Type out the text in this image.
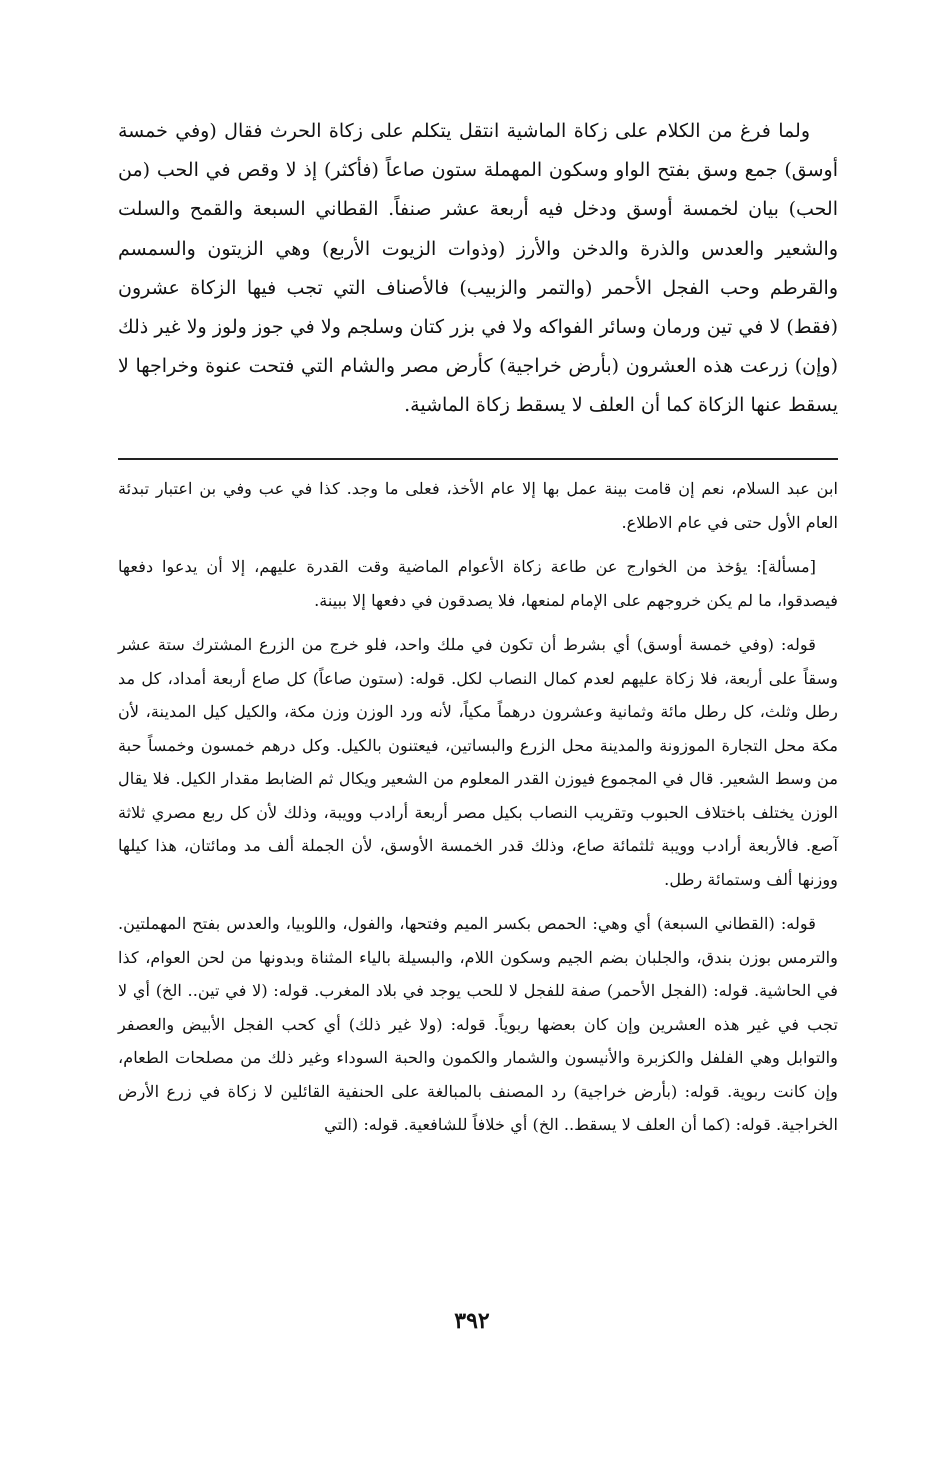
ولما فرغ من الكلام على زكاة الماشية انتقل يتكلم على زكاة الحرث فقال (وفي خمسة أوسق) جمع وسق بفتح الواو وسكون المهملة ستون صاعاً (فأكثر) إذ لا وقص في الحب (من الحب) بيان لخمسة أوسق ودخل فيه أربعة عشر صنفاً. القطاني السبعة والقمح والسلت والشعير والعدس والذرة والدخن والأرز (وذوات الزيوت الأربع) وهي الزيتون والسمسم والقرطم وحب الفجل الأحمر (والتمر والزبيب) فالأصناف التي تجب فيها الزكاة عشرون (فقط) لا في تين ورمان وسائر الفواكه ولا في بزر كتان وسلجم ولا في جوز ولوز ولا غير ذلك (وإن) زرعت هذه العشرون (بأرض خراجية) كأرض مصر والشام التي فتحت عنوة وخراجها لا يسقط عنها الزكاة كما أن العلف لا يسقط زكاة الماشية.

ابن عبد السلام، نعم إن قامت بينة عمل بها إلا عام الأخذ، فعلى ما وجد. كذا في عب وفي بن اعتبار تبدئة العام الأول حتى في عام الاطلاع.

[مسألة]: يؤخذ من الخوارج عن طاعة زكاة الأعوام الماضية وقت القدرة عليهم، إلا أن يدعوا دفعها فيصدقوا، ما لم يكن خروجهم على الإمام لمنعها، فلا يصدقون في دفعها إلا ببينة.

قوله: (وفي خمسة أوسق) أي بشرط أن تكون في ملك واحد، فلو خرج من الزرع المشترك ستة عشر وسقاً على أربعة، فلا زكاة عليهم لعدم كمال النصاب لكل. قوله: (ستون صاعاً) كل صاع أربعة أمداد، كل مد رطل وثلث، كل رطل مائة وثمانية وعشرون درهماً مكياً، لأنه ورد الوزن وزن مكة، والكيل كيل المدينة، لأن مكة محل التجارة الموزونة والمدينة محل الزرع والبساتين، فيعتنون بالكيل. وكل درهم خمسون وخمساً حبة من وسط الشعير. قال في المجموع فيوزن القدر المعلوم من الشعير ويكال ثم الضابط مقدار الكيل. فلا يقال الوزن يختلف باختلاف الحبوب وتقريب النصاب بكيل مصر أربعة أرادب وويبة، وذلك لأن كل ربع مصري ثلاثة آصع. فالأربعة أرادب وويبة ثلثمائة صاع، وذلك قدر الخمسة الأوسق، لأن الجملة ألف مد ومائتان، هذا كيلها ووزنها ألف وستمائة رطل.

قوله: (القطاني السبعة) أي وهي: الحمص بكسر الميم وفتحها، والفول، واللوبيا، والعدس بفتح المهملتين. والترمس بوزن بندق، والجلبان بضم الجيم وسكون اللام، والبسيلة بالياء المثناة وبدونها من لحن العوام، كذا في الحاشية. قوله: (الفجل الأحمر) صفة للفجل لا للحب يوجد في بلاد المغرب. قوله: (لا في تين.. الخ) أي لا تجب في غير هذه العشرين وإن كان بعضها ربوياً. قوله: (ولا غير ذلك) أي كحب الفجل الأبيض والعصفر والتوابل وهي الفلفل والكزبرة والأنيسون والشمار والكمون والحبة السوداء وغير ذلك من مصلحات الطعام، وإن كانت ربوية. قوله: (بأرض خراجية) رد المصنف بالمبالغة على الحنفية القائلين لا زكاة في زرع الأرض الخراجية. قوله: (كما أن العلف لا يسقط.. الخ) أي خلافاً للشافعية. قوله: (التي

٣٩٢
